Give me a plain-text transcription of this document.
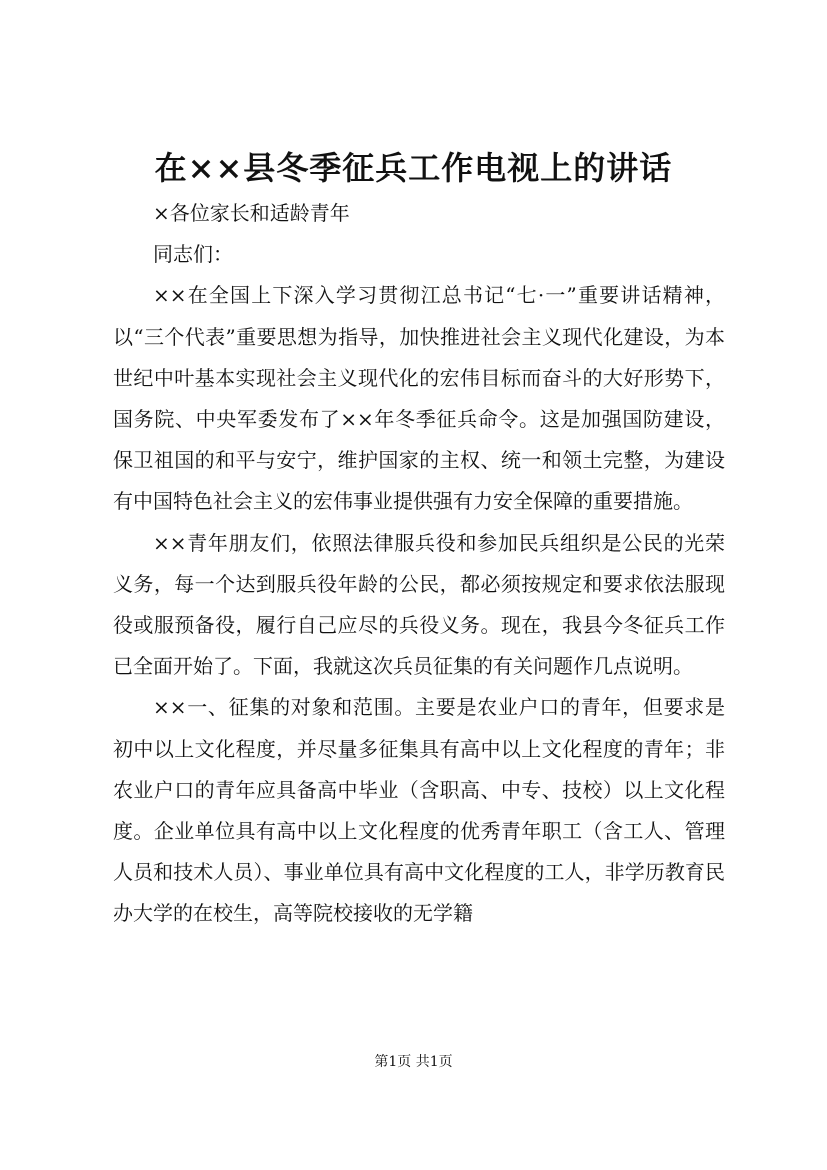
在××县冬季征兵工作电视上的讲话

×各位家长和适龄青年

同志们：

××在全国上下深入学习贯彻江总书记“七·一”重要讲话精神，以“三个代表”重要思想为指导，加快推进社会主义现代化建设，为本世纪中叶基本实现社会主义现代化的宏伟目标而奋斗的大好形势下，国务院、中央军委发布了××年冬季征兵命令。这是加强国防建设，保卫祖国的和平与安宁，维护国家的主权、统一和领土完整，为建设有中国特色社会主义的宏伟事业提供强有力安全保障的重要措施。

××青年朋友们，依照法律服兵役和参加民兵组织是公民的光荣义务，每一个达到服兵役年龄的公民，都必须按规定和要求依法服现役或服预备役，履行自己应尽的兵役义务。现在，我县今冬征兵工作已全面开始了。下面，我就这次兵员征集的有关问题作几点说明。

××一、征集的对象和范围。主要是农业户口的青年，但要求是初中以上文化程度，并尽量多征集具有高中以上文化程度的青年；非农业户口的青年应具备高中毕业（含职高、中专、技校）以上文化程度。企业单位具有高中以上文化程度的优秀青年职工（含工人、管理人员和技术人员）、事业单位具有高中文化程度的工人，非学历教育民办大学的在校生，高等院校接收的无学籍

第1页 共1页
